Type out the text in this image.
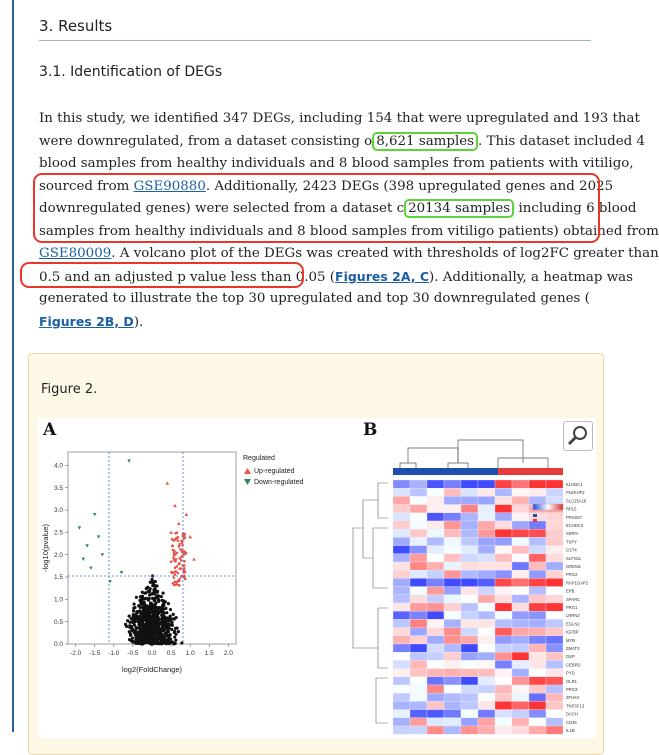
3. Results
3.1. Identification of DEGs
In this study, we identified 347 DEGs, including 154 that were upregulated and 193 that
were downregulated, from a dataset consisting o 8,621 samples . This dataset included 4
blood samples from healthy individuals and 8 blood samples from patients with vitiligo,
sourced from GSE90880. Additionally, 2423 DEGs (398 upregulated genes and 2025
downregulated genes) were selected from a dataset c 20134 samples including 6 blood
samples from healthy individuals and 8 blood samples from vitiligo patients) obtained from
GSE80009. A volcano plot of the DEGs was created with thresholds of log2FC greater than
0.5 and an adjusted p value less than 0.05 (Figures 2A, C). Additionally, a heatmap was
generated to illustrate the top 30 upregulated and top 30 downregulated genes (
Figures 2B, D).
Figure 2.
A	B
-2.0 -1.5 -1.0 -0.5 0.0 0.5 1.0 1.5 2.0
0.0
0.5
1.0
1.5
2.0
2.5
3.0
3.5
4.0
log2(FoldChange)
-log10(pvalue)
Regulated
Up-regulated
Down-regulated	KLHDC1
PLEKHF2
SLC25A18
RPL5
PRSS57
ECHDC3
SIRPA
TSPY
CST4
SLFN11
GREM1
PRG2
RAP1GAP2
EPB
SPARC
PRG1
LRRN2
EGLN2
IGFBP
MYB
ZMAT3
DSP
CEBPD
PYD
OLR1
PRG3
ZFHX4
TNFSF13
DACH
CD36
IL1B
